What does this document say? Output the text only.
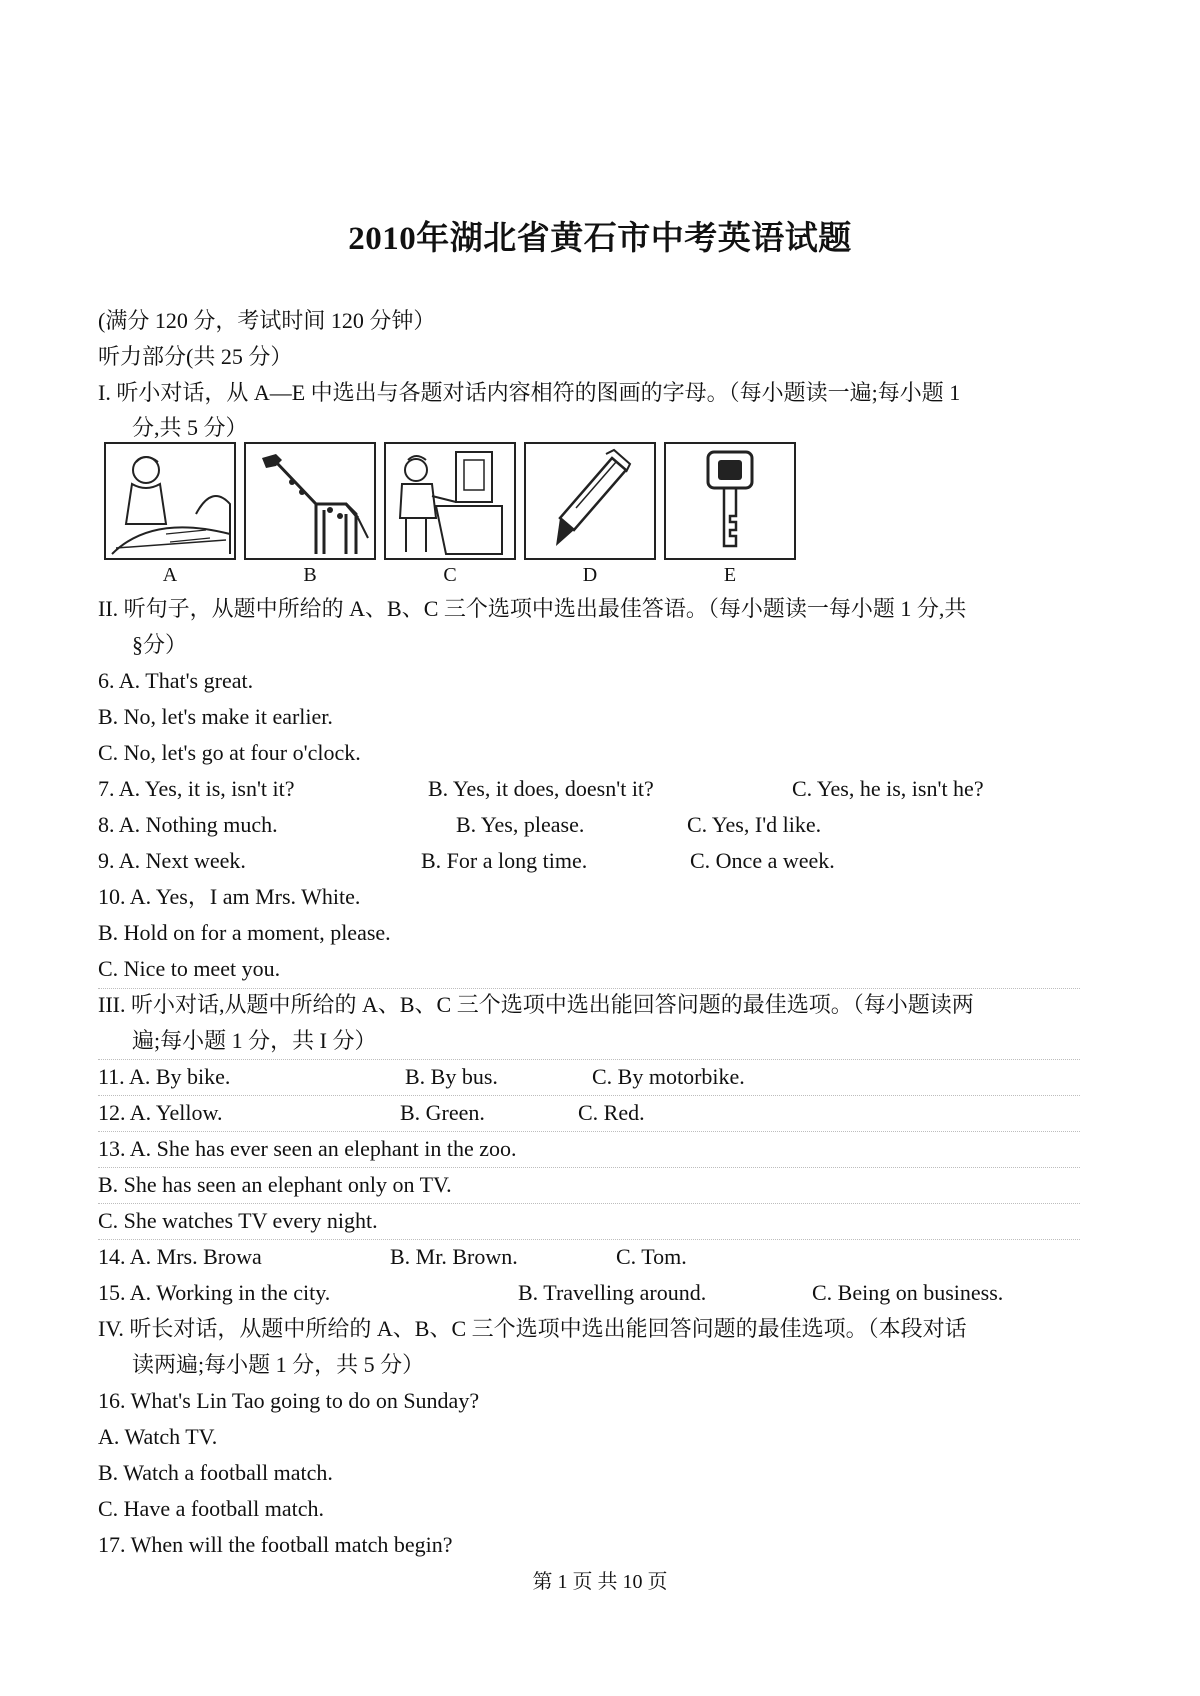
2010年湖北省黄石市中考英语试题
(满分 120 分，考试时间 120 分钟）
听力部分(共 25 分）
I. 听小对话，从 A—E 中选出与各题对话内容相符的图画的字母。（每小题读一遍;每小题 1
分,共 5 分）
A	B	C	D	E
II. 听句子，从题中所给的 A、B、C 三个选项中选出最佳答语。（每小题读一每小题 1 分,共
§分）
6. A. That's great.
B. No, let's make it earlier.
C. No, let's go at four o'clock.
7. A. Yes, it is, isn't it?	B. Yes, it does, doesn't it?	C. Yes, he is, isn't he?
8. A. Nothing much.	B. Yes, please.	C. Yes, I'd like.
9. A. Next week.	B. For a long time.	C. Once a week.
10. A. Yes，I am Mrs. White.
B. Hold on for a moment, please.
C. Nice to meet you.
III. 听小对话,从题中所给的 A、B、C 三个选项中选出能回答问题的最佳选项。（每小题读两
遍;每小题 1 分，共 I 分）
11. A. By bike.	B. By bus.	C. By motorbike.
12. A. Yellow.	B. Green.	C. Red.
13. A. She has ever seen an elephant in the zoo.
B. She has seen an elephant only on TV.
C. She watches TV every night.
14. A. Mrs. Browa	B. Mr. Brown.	C. Tom.
15. A. Working in the city.	B. Travelling around.	C. Being on business.
IV. 听长对话，从题中所给的 A、B、C 三个选项中选出能回答问题的最佳选项。（本段对话
读两遍;每小题 1 分，共 5 分）
16. What's Lin Tao going to do on Sunday?
A. Watch TV.
B. Watch a football match.
C. Have a football match.
17. When will the football match begin?
第 1 页 共 10 页
